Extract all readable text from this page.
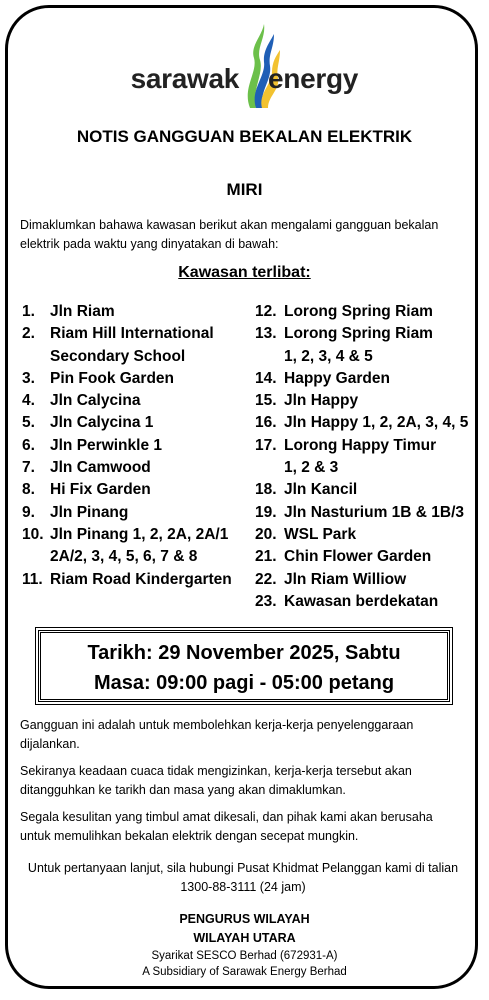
sarawak energy
NOTIS GANGGUAN BEKALAN ELEKTRIK
MIRI
Dimaklumkan bahawa kawasan berikut akan mengalami gangguan bekalan
elektrik pada waktu yang dinyatakan di bawah:
Kawasan terlibat:
1. Jln Riam
2. Riam Hill International
Secondary School
3. Pin Fook Garden
4. Jln Calycina
5. Jln Calycina 1
6. Jln Perwinkle 1
7. Jln Camwood
8. Hi Fix Garden
9. Jln Pinang
10. Jln Pinang 1, 2, 2A, 2A/1
2A/2, 3, 4, 5, 6, 7 & 8
11. Riam Road Kindergarten
12. Lorong Spring Riam
13. Lorong Spring Riam
1, 2, 3, 4 & 5
14. Happy Garden
15. Jln Happy
16. Jln Happy 1, 2, 2A, 3, 4, 5
17. Lorong Happy Timur
1, 2 & 3
18. Jln Kancil
19. Jln Nasturium 1B & 1B/3
20. WSL Park
21. Chin Flower Garden
22. Jln Riam Williow
23. Kawasan berdekatan
Tarikh: 29 November 2025, Sabtu
Masa: 09:00 pagi - 05:00 petang
Gangguan ini adalah untuk membolehkan kerja-kerja penyelenggaraan
dijalankan.
Sekiranya keadaan cuaca tidak mengizinkan, kerja-kerja tersebut akan
ditangguhkan ke tarikh dan masa yang akan dimaklumkan.
Segala kesulitan yang timbul amat dikesali, dan pihak kami akan berusaha
untuk memulihkan bekalan elektrik dengan secepat mungkin.
Untuk pertanyaan lanjut, sila hubungi Pusat Khidmat Pelanggan kami di talian
1300-88-3111 (24 jam)
PENGURUS WILAYAH
WILAYAH UTARA
Syarikat SESCO Berhad (672931-A)
A Subsidiary of Sarawak Energy Berhad
